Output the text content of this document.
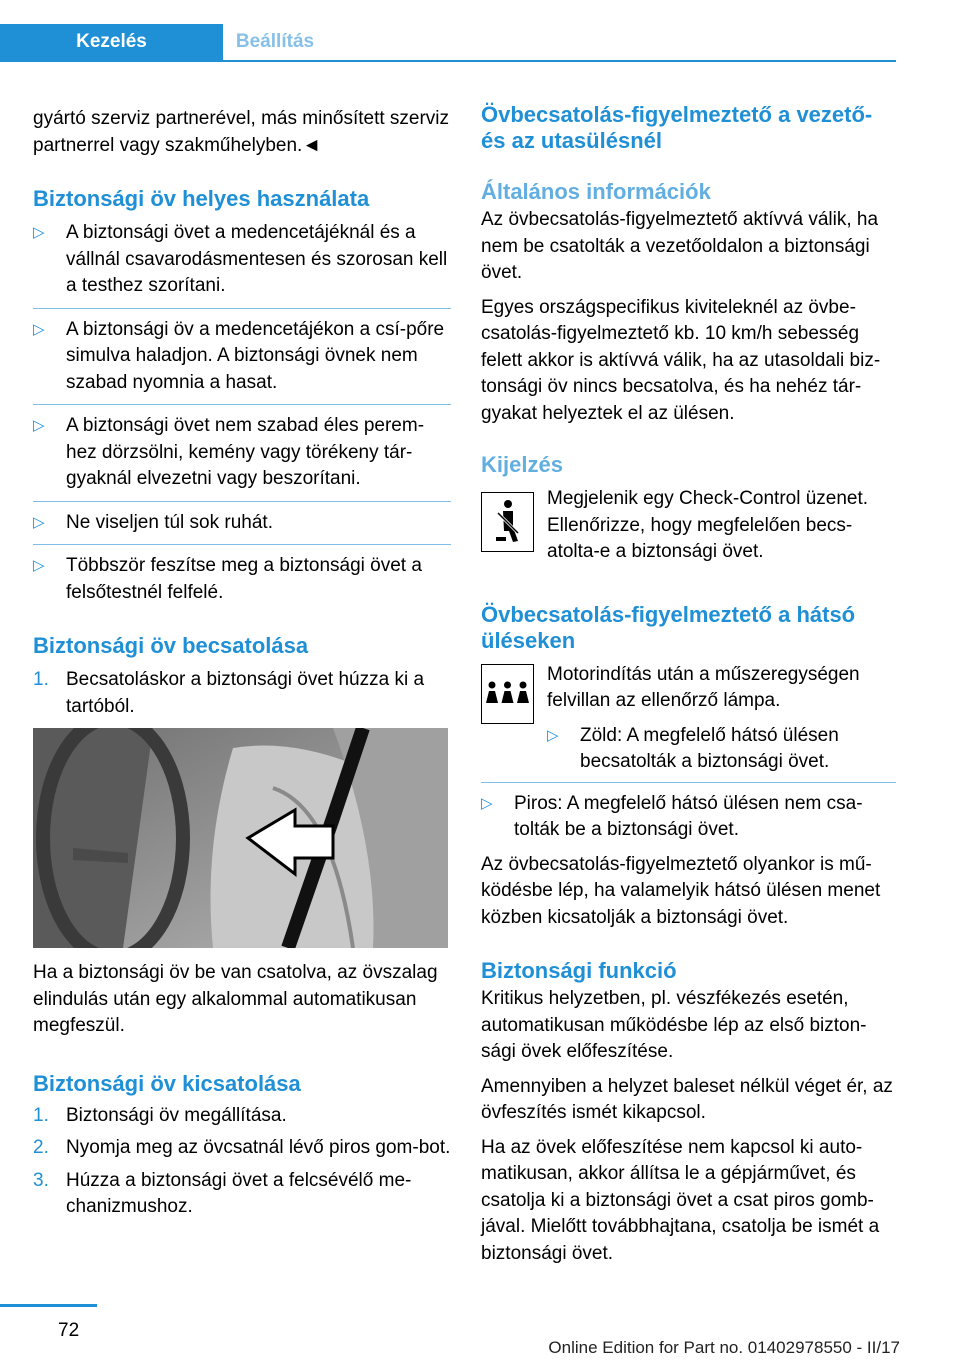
Kezelés	Beállítás

gyártó szerviz partnerével, más minősített szerviz partnerrel vagy szakműhelyben.◄

Biztonsági öv helyes használata
▷ A biztonsági övet a medencetájéknál és a vállnál csavarodásmentesen és szorosan kell a testhez szorítani.
▷ A biztonsági öv a medencetájékon a csí‐pőre simulva haladjon. A biztonsági övnek nem szabad nyomnia a hasat.
▷ A biztonsági övet nem szabad éles perem‐hez dörzsölni, kemény vagy törékeny tár‐gyaknál elvezetni vagy beszorítani.
▷ Ne viseljen túl sok ruhát.
▷ Többször feszítse meg a biztonsági övet a felsőtestnél felfelé.
Biztonsági öv becsatolása
1. Becsatoláskor a biztonsági övet húzza ki a tartóból.

Ha a biztonsági öv be van csatolva, az övszalag elindulás után egy alkalommal automatikusan megfeszül.

Biztonsági öv kicsatolása
1. Biztonsági öv megállítása.
2. Nyomja meg az övcsatnál lévő piros gom‐bot.
3. Húzza a biztonsági övet a felcsévélő me‐chanizmushoz.
Övbecsatolás-figyelmeztető a vezető- és az utasülésnél
Általános információk

Az övbecsatolás-figyelmeztető aktívvá válik, ha nem be csatolták a vezetőoldalon a biztonsági övet.

Egyes országspecifikus kiviteleknél az övbe‐csatolás-figyelmeztető kb. 10 km/h sebesség felett akkor is aktívvá válik, ha az utasoldali biz‐tonsági öv nincs becsatolva, és ha nehéz tár‐gyakat helyeztek el az ülésen.

Kijelzés

Megjelenik egy Check-Control üzenet. Ellenőrizze, hogy megfelelően becs‐atolta-e a biztonsági övet.

Övbecsatolás-figyelmeztető a hátsó üléseken

Motorindítás után a műszeregységen felvillan az ellenőrző lámpa.

▷ Zöld: A megfelelő hátsó ülésen becsatolták a biztonsági övet.
▷ Piros: A megfelelő hátsó ülésen nem csa‐tolták be a biztonsági övet.

Az övbecsatolás-figyelmeztető olyankor is mű‐ködésbe lép, ha valamelyik hátsó ülésen menet közben kicsatolják a biztonsági övet.

Biztonsági funkció

Kritikus helyzetben, pl. vészfékezés esetén, automatikusan működésbe lép az első bizton‐sági övek előfeszítése.

Amennyiben a helyzet baleset nélkül véget ér, az övfeszítés ismét kikapcsol.

Ha az övek előfeszítése nem kapcsol ki auto‐matikusan, akkor állítsa le a gépjárművet, és csatolja ki a biztonsági övet a csat piros gomb‐jával. Mielőtt továbbhajtana, csatolja be ismét a biztonsági övet.

72
Online Edition for Part no. 01402978550 - II/17
